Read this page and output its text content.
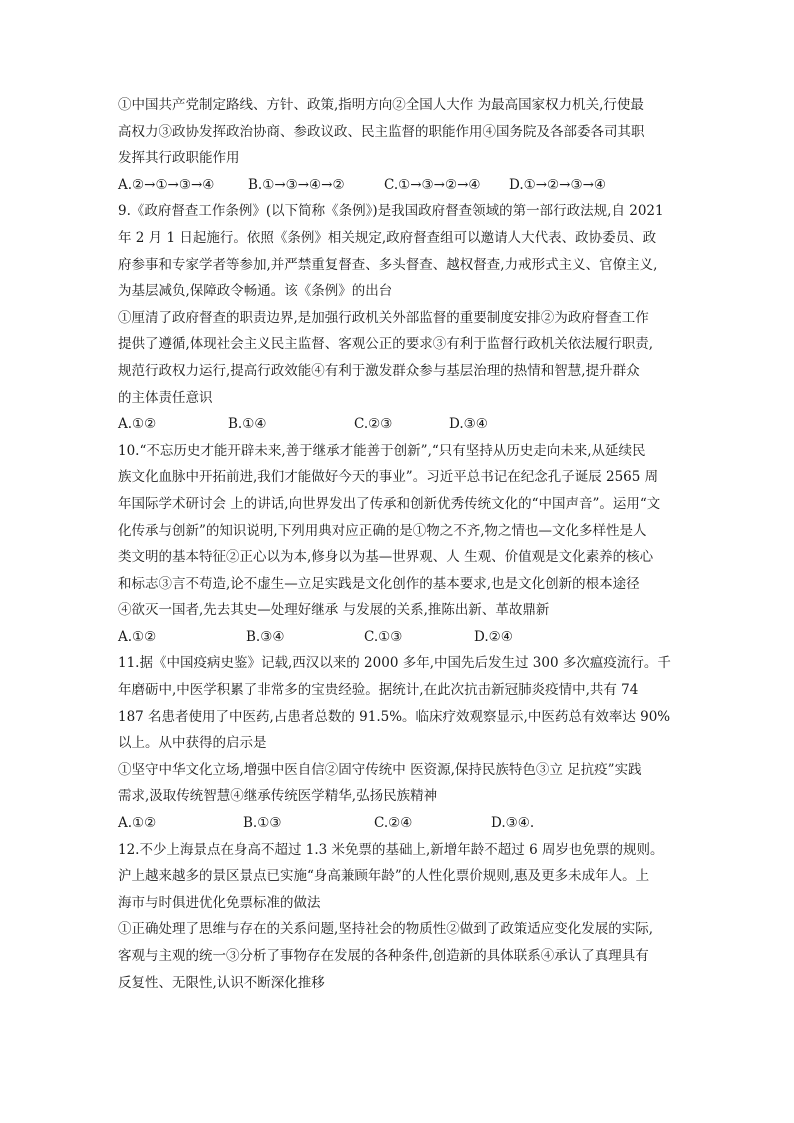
①中国共产党制定路线、方针、政策,指明方向②全国人大作 为最高国家权力机关,行使最
高权力③政协发挥政治协商、参政议政、民主监督的职能作用④国务院及各部委各司其职
发挥其行政职能作用
A.②→①→③→④	B.①→③→④→②	C.①→③→②→④	D.①→②→③→④
9.《政府督查工作条例》(以下简称《条例》)是我国政府督查领域的第一部行政法规,自 2021
年 2 月 1 日起施行。依照《条例》相关规定,政府督查组可以邀请人大代表、政协委员、政
府参事和专家学者等参加,并严禁重复督查、多头督查、越权督查,力戒形式主义、官僚主义,
为基层减负,保障政令畅通。该《条例》的出台
①厘清了政府督查的职责边界,是加强行政机关外部监督的重要制度安排②为政府督查工作
提供了遵循,体现社会主义民主监督、客观公正的要求③有利于监督行政机关依法履行职责,
规范行政权力运行,提高行政效能④有利于激发群众参与基层治理的热情和智慧,提升群众
的主体责任意识
A.①②	B.①④	C.②③	D.③④
10.“不忘历史才能开辟未来,善于继承才能善于创新”,“只有坚持从历史走向未来,从延续民
族文化血脉中开拓前进,我们才能做好今天的事业”。习近平总书记在纪念孔子诞辰 2565 周
年国际学术研讨会 上的讲话,向世界发出了传承和创新优秀传统文化的“中国声音”。运用“文
化传承与创新”的知识说明,下列用典对应正确的是①物之不齐,物之情也—文化多样性是人
类文明的基本特征②正心以为本,修身以为基—世界观、人 生观、价值观是文化素养的核心
和标志③言不苟造,论不虚生—立足实践是文化创作的基本要求,也是文化创新的根本途径
④欲灭一国者,先去其史—处理好继承 与发展的关系,推陈出新、革故鼎新
A.①②	B.③④	C.①③	D.②④
11.据《中国疫病史鉴》记载,西汉以来的 2000 多年,中国先后发生过 300 多次瘟疫流行。千
年磨砺中,中医学积累了非常多的宝贵经验。据统计,在此次抗击新冠肺炎疫情中,共有 74
187 名患者使用了中医药,占患者总数的 91.5%。临床疗效观察显示,中医药总有效率达 90%
以上。从中获得的启示是
①坚守中华文化立场,增强中医自信②固守传统中 医资源,保持民族特色③立 足抗疫”实践
需求,汲取传统智慧④继承传统医学精华,弘扬民族精神
A.①②	B.①③	C.②④	D.③④.
12.不少上海景点在身高不超过 1.3 米免票的基础上,新增年龄不超过 6 周岁也免票的规则。
沪上越来越多的景区景点已实施“身高兼顾年龄”的人性化票价规则,惠及更多未成年人。上
海市与时俱进优化免票标准的做法
①正确处理了思维与存在的关系问题,坚持社会的物质性②做到了政策适应变化发展的实际,
客观与主观的统一③分析了事物存在发展的各种条件,创造新的具体联系④承认了真理具有
反复性、无限性,认识不断深化推移
